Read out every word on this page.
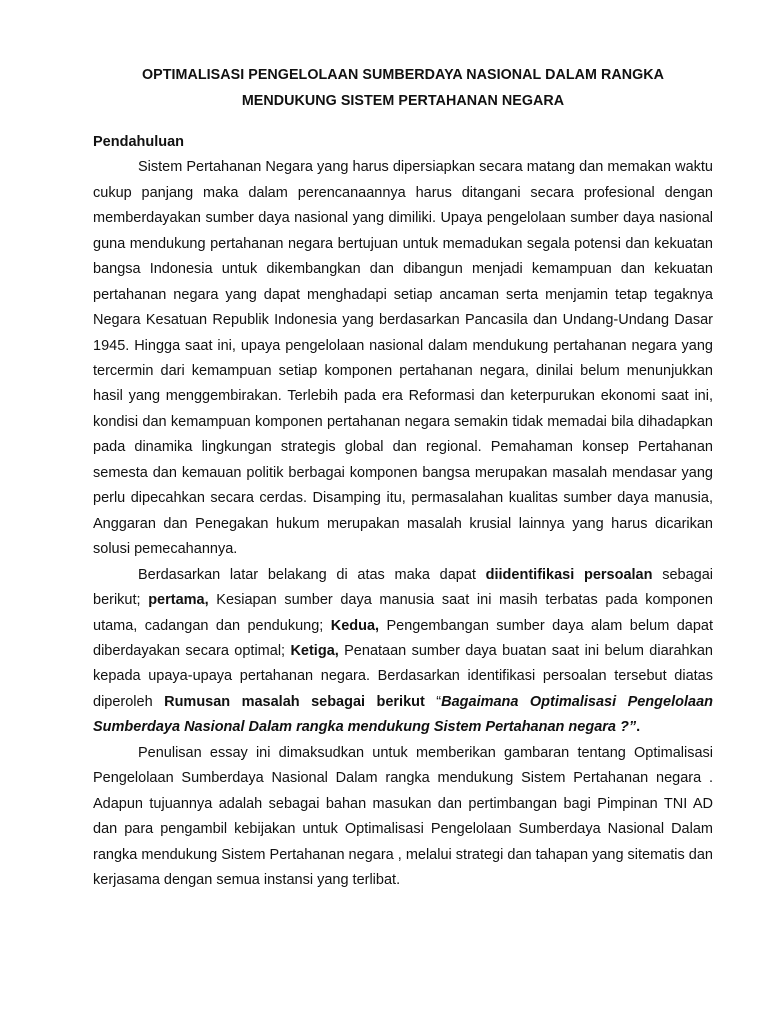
OPTIMALISASI PENGELOLAAN SUMBERDAYA NASIONAL DALAM RANGKA
MENDUKUNG SISTEM PERTAHANAN NEGARA
Pendahuluan

Sistem Pertahanan Negara yang harus dipersiapkan secara matang dan memakan waktu cukup panjang maka dalam perencanaannya harus ditangani secara profesional dengan memberdayakan sumber daya nasional yang dimiliki. Upaya pengelolaan sumber daya nasional guna mendukung pertahanan negara bertujuan untuk memadukan segala potensi dan kekuatan bangsa Indonesia untuk dikembangkan dan dibangun menjadi kemampuan dan kekuatan pertahanan negara yang dapat menghadapi setiap ancaman serta menjamin tetap tegaknya Negara Kesatuan Republik Indonesia yang berdasarkan Pancasila dan Undang-Undang Dasar 1945. Hingga saat ini, upaya pengelolaan nasional dalam mendukung pertahanan negara yang tercermin dari kemampuan setiap komponen pertahanan negara, dinilai belum menunjukkan hasil yang menggembirakan. Terlebih pada era Reformasi dan keterpurukan ekonomi saat ini, kondisi dan kemampuan komponen pertahanan negara semakin tidak memadai bila dihadapkan pada dinamika lingkungan strategis global dan regional. Pemahaman konsep Pertahanan semesta dan kemauan politik berbagai komponen bangsa merupakan masalah mendasar yang perlu dipecahkan secara cerdas. Disamping itu, permasalahan kualitas sumber daya manusia, Anggaran dan Penegakan hukum merupakan masalah krusial lainnya yang harus dicarikan solusi pemecahannya.

Berdasarkan latar belakang di atas maka dapat diidentifikasi persoalan sebagai berikut; pertama, Kesiapan sumber daya manusia saat ini masih terbatas pada komponen utama, cadangan dan pendukung; Kedua, Pengembangan sumber daya alam belum dapat diberdayakan secara optimal; Ketiga, Penataan sumber daya buatan saat ini belum diarahkan kepada upaya-upaya pertahanan negara. Berdasarkan identifikasi persoalan tersebut diatas diperoleh Rumusan masalah sebagai berikut “Bagaimana Optimalisasi Pengelolaan Sumberdaya Nasional Dalam rangka mendukung Sistem Pertahanan negara ?”.

Penulisan essay ini dimaksudkan untuk memberikan gambaran tentang Optimalisasi Pengelolaan Sumberdaya Nasional Dalam rangka mendukung Sistem Pertahanan negara . Adapun tujuannya adalah sebagai bahan masukan dan pertimbangan bagi Pimpinan TNI AD dan para pengambil kebijakan untuk Optimalisasi Pengelolaan Sumberdaya Nasional Dalam rangka mendukung Sistem Pertahanan negara , melalui strategi dan tahapan yang sitematis dan kerjasama dengan semua instansi yang terlibat.
